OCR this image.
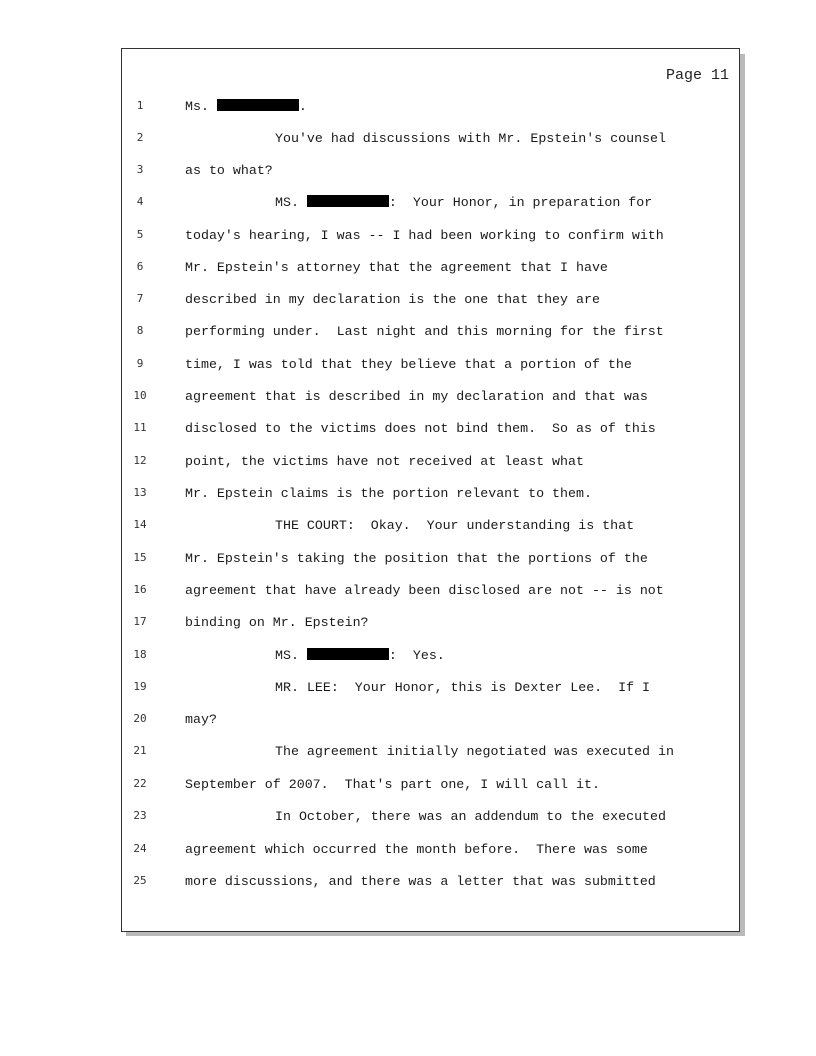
Page 11
1	Ms.	.
2	You've had discussions with Mr. Epstein's counsel
3	as to what?
4	MS.	:  Your Honor, in preparation for
5	today's hearing, I was -- I had been working to confirm with
6	Mr. Epstein's attorney that the agreement that I have
7	described in my declaration is the one that they are
8	performing under.  Last night and this morning for the first
9	time, I was told that they believe that a portion of the
10	agreement that is described in my declaration and that was
11	disclosed to the victims does not bind them.  So as of this
12	point, the victims have not received at least what
13	Mr. Epstein claims is the portion relevant to them.
14	THE COURT:  Okay.  Your understanding is that
15	Mr. Epstein's taking the position that the portions of the
16	agreement that have already been disclosed are not -- is not
17	binding on Mr. Epstein?
18	MS.	:  Yes.
19	MR. LEE:  Your Honor, this is Dexter Lee.  If I
20	may?
21	The agreement initially negotiated was executed in
22	September of 2007.  That's part one, I will call it.
23	In October, there was an addendum to the executed
24	agreement which occurred the month before.  There was some
25	more discussions, and there was a letter that was submitted
